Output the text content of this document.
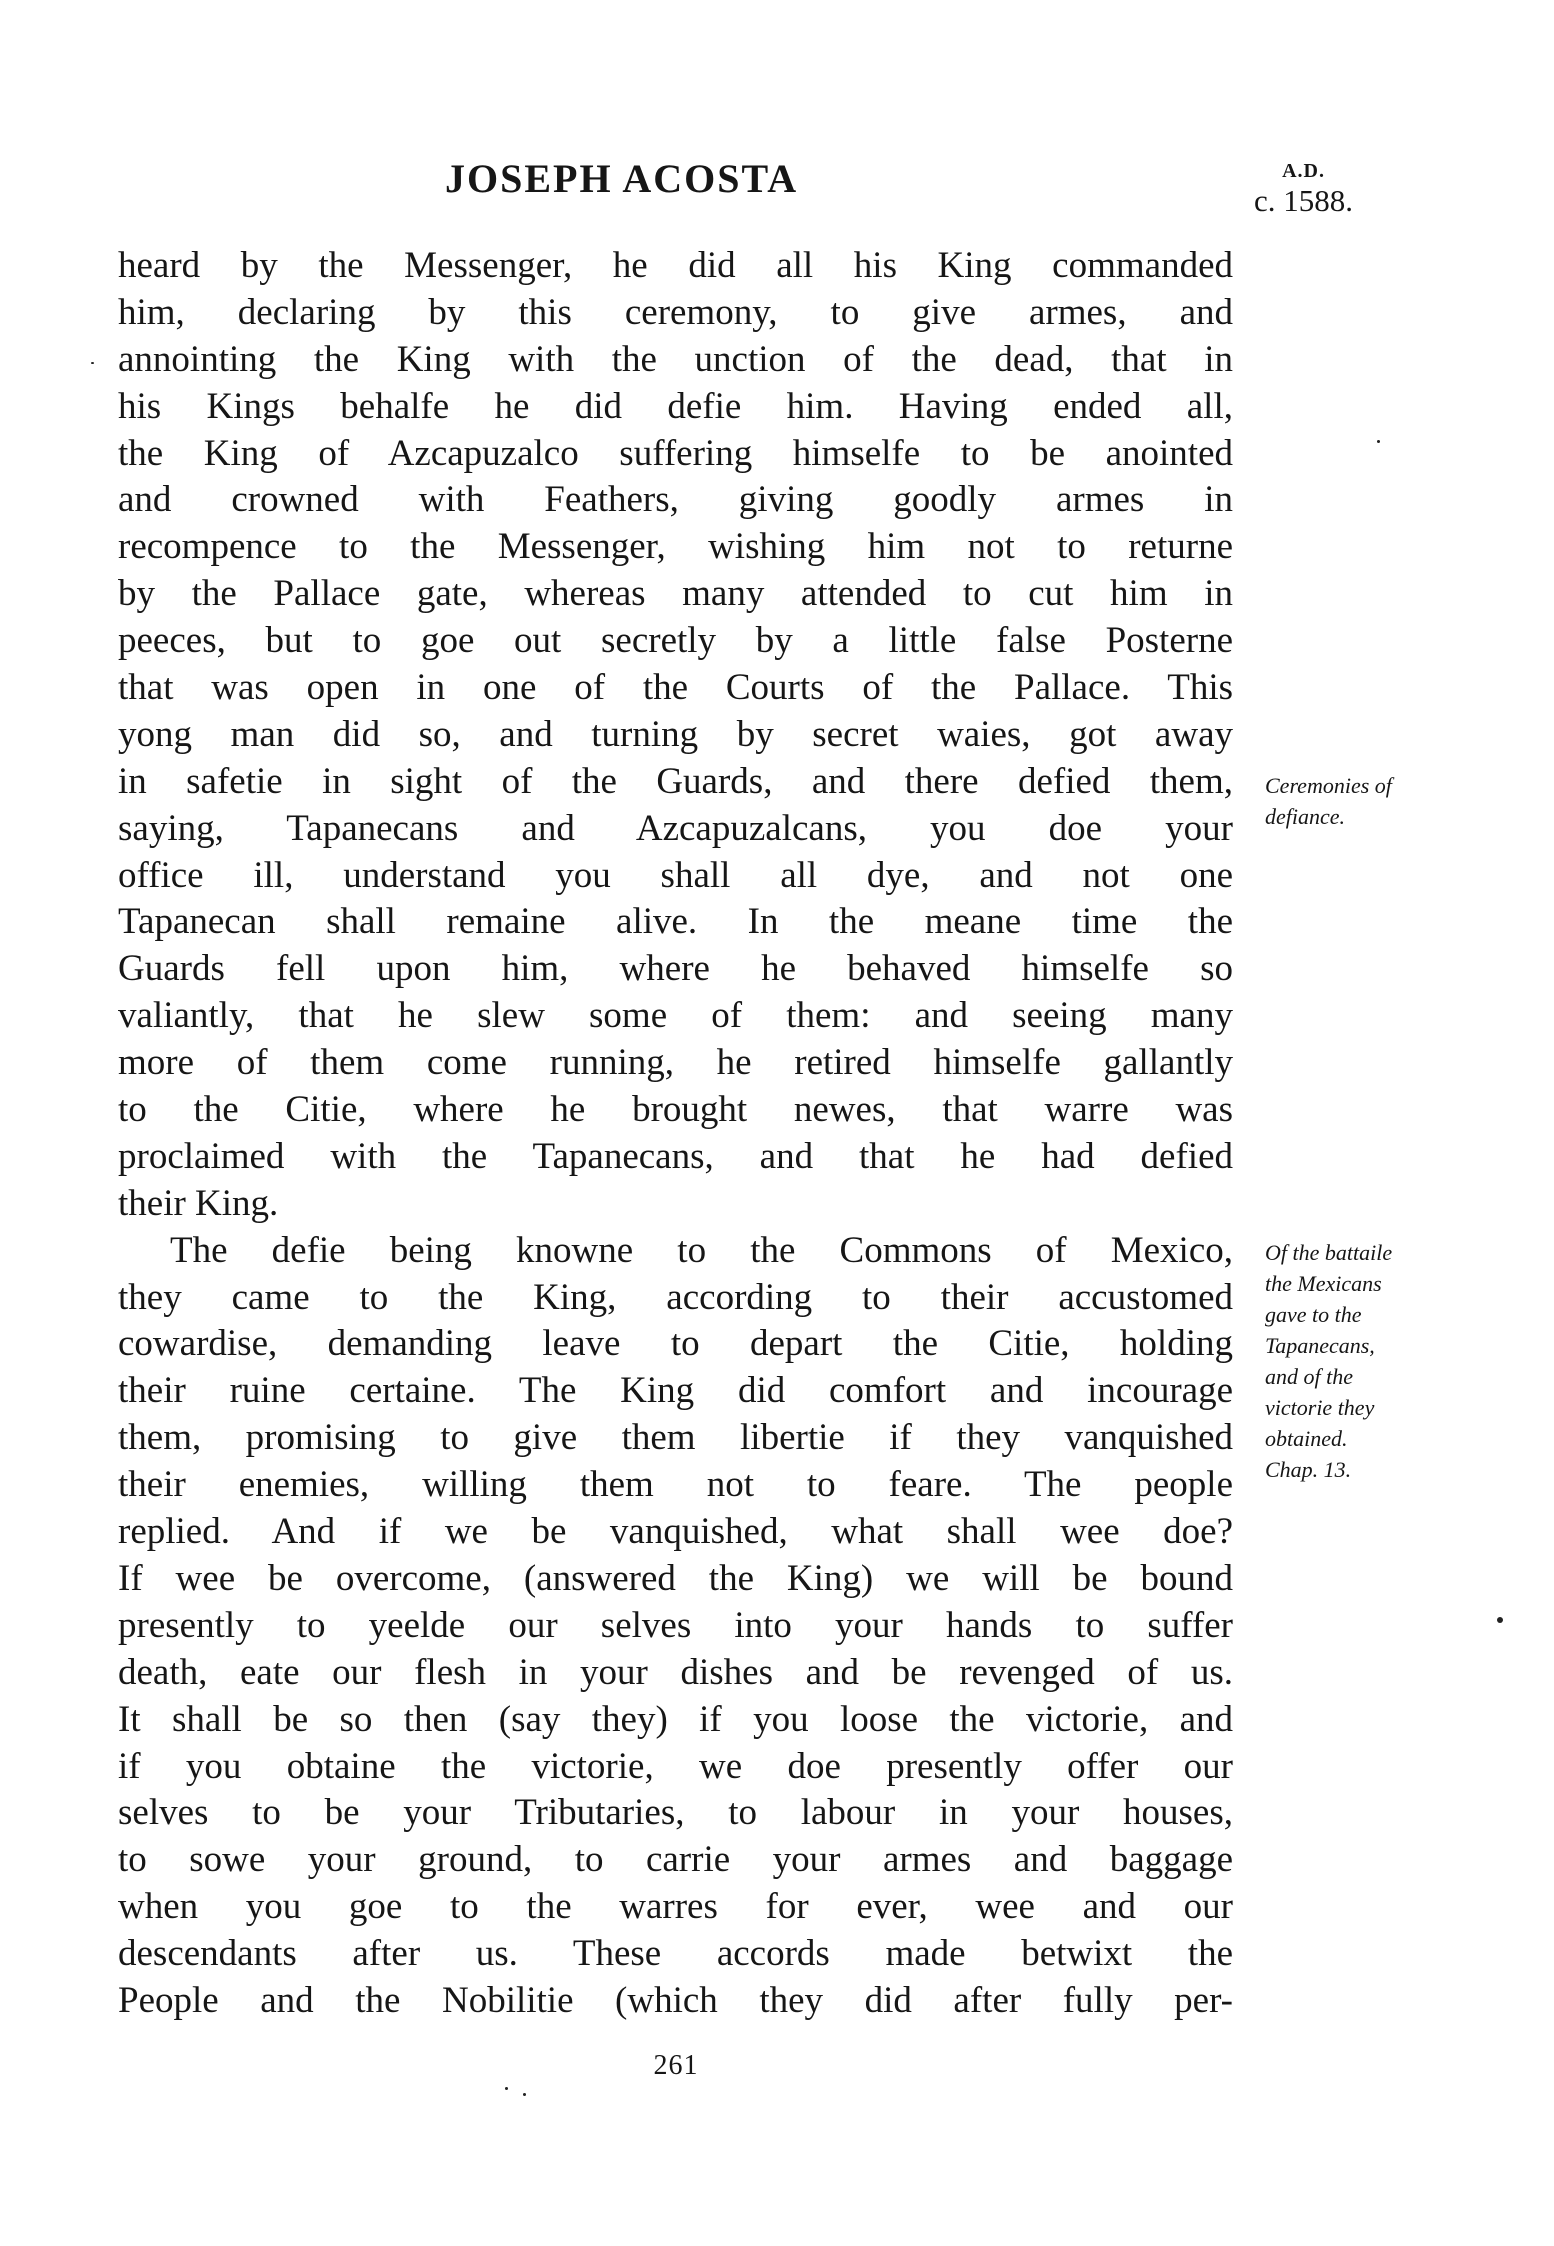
JOSEPH ACOSTA	A.D.
c. 1588.
heard by the Messenger, he did all his King commanded
him, declaring by this ceremony, to give armes, and
annointing the King with the unction of the dead, that in
his Kings behalfe he did defie him. Having ended all,
the King of Azcapuzalco suffering himselfe to be anointed
and crowned with Feathers, giving goodly armes in
recompence to the Messenger, wishing him not to returne
by the Pallace gate, whereas many attended to cut him in
peeces, but to goe out secretly by a little false Posterne
that was open in one of the Courts of the Pallace. This
yong man did so, and turning by secret waies, got away
in safetie in sight of the Guards, and there defied them,
saying, Tapanecans and Azcapuzalcans, you doe your
office ill, understand you shall all dye, and not one
Tapanecan shall remaine alive. In the meane time the
Guards fell upon him, where he behaved himselfe so
valiantly, that he slew some of them: and seeing many
more of them come running, he retired himselfe gallantly
to the Citie, where he brought newes, that warre was
proclaimed with the Tapanecans, and that he had defied
their King.
The defie being knowne to the Commons of Mexico,
they came to the King, according to their accustomed
cowardise, demanding leave to depart the Citie, holding
their ruine certaine. The King did comfort and incourage
them, promising to give them libertie if they vanquished
their enemies, willing them not to feare. The people
replied. And if we be vanquished, what shall wee doe?
If wee be overcome, (answered the King) we will be bound
presently to yeelde our selves into your hands to suffer
death, eate our flesh in your dishes and be revenged of us.
It shall be so then (say they) if you loose the victorie, and
if you obtaine the victorie, we doe presently offer our
selves to be your Tributaries, to labour in your houses,
to sowe your ground, to carrie your armes and baggage
when you goe to the warres for ever, wee and our
descendants after us. These accords made betwixt the
People and the Nobilitie (which they did after fully per-
Ceremonies of
defiance.
Of the battaile
the Mexicans
gave to the
Tapanecans,
and of the
victorie they
obtained.
Chap. 13.
261
